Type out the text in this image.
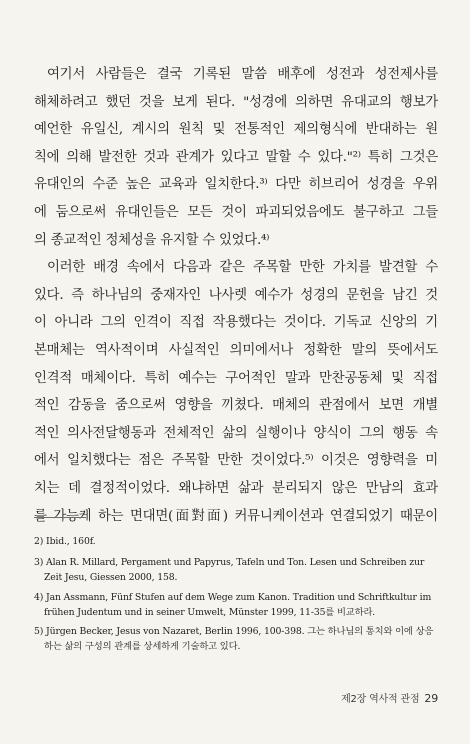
여기서 사람들은 결국 기록된 말씀 배후에 성전과 성전제사를
해체하려고 했던 것을 보게 된다. "성경에 의하면 유대교의 행보가
예언한 유일신, 계시의 원칙 및 전통적인 제의형식에 반대하는 원
칙에 의해 발전한 것과 관계가 있다고 말할 수 있다."²⁾ 특히 그것은
유대인의 수준 높은 교육과 일치한다.³⁾ 다만 히브리어 성경을 우위
에 둠으로써 유대인들은 모든 것이 파괴되었음에도 불구하고 그들
의 종교적인 정체성을 유지할 수 있었다.⁴⁾
이러한 배경 속에서 다음과 같은 주목할 만한 가치를 발견할 수
있다. 즉 하나님의 중재자인 나사렛 예수가 성경의 문헌을 남긴 것
이 아니라 그의 인격이 직접 작용했다는 것이다. 기독교 신앙의 기
본매체는 역사적이며 사실적인 의미에서나 정확한 말의 뜻에서도
인격적 매체이다. 특히 예수는 구어적인 말과 만찬공동체 및 직접
적인 감동을 줌으로써 영향을 끼쳤다. 매체의 관점에서 보면 개별
적인 의사전달행동과 전체적인 삶의 실행이나 양식이 그의 행동 속
에서 일치했다는 점은 주목할 만한 것이었다.⁵⁾ 이것은 영향력을 미
치는 데 결정적이었다. 왜냐하면 삶과 분리되지 않은 만남의 효과
를 가능케 하는 면대면(面對面) 커뮤니케이션과 연결되었기 때문이
2) Ibid., 160f.
3) Alan R. Millard, Pergament und Papyrus, Tafeln und Ton. Lesen und Schreiben zur Zeit Jesu, Giessen 2000, 158.
4) Jan Assmann, Fünf Stufen auf dem Wege zum Kanon. Tradition und Schriftkultur im frühen Judentum und in seiner Umwelt, Münster 1999, 11-35를 비교하라.
5) Jürgen Becker, Jesus von Nazaret, Berlin 1996, 100-398. 그는 하나님의 통치와 이에 상응하는 삶의 구성의 관계를 상세하게 기술하고 있다.
제2장 역사적 관점 29
